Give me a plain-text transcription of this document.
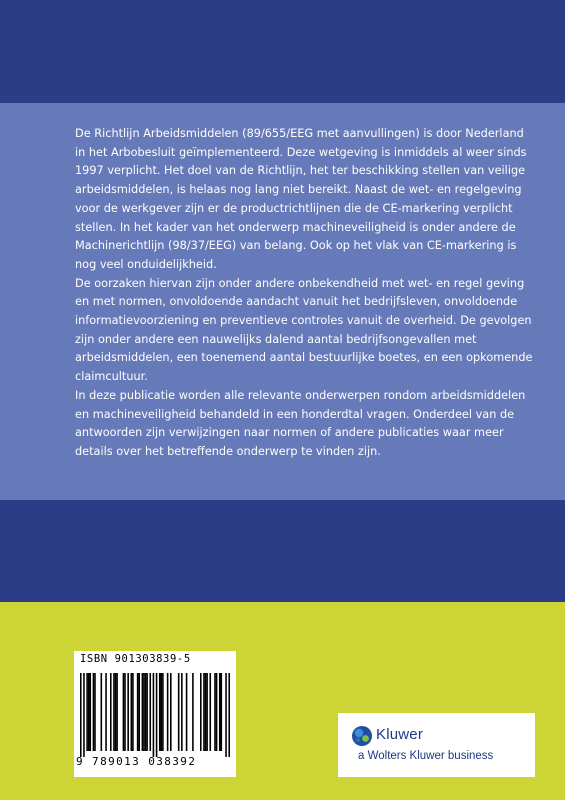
De Richtlijn Arbeidsmiddelen (89/655/EEG met aanvullingen) is door Nederland in het Arbobesluit geïmplementeerd. Deze wetgeving is inmiddels al weer sinds 1997 verplicht. Het doel van de Richtlijn, het ter beschikking stellen van veilige arbeidsmiddelen, is helaas nog lang niet bereikt. Naast de wet- en regelgeving voor de werkgever zijn er de productrichtlijnen die de CE-markering verplicht stellen. In het kader van het onderwerp machineveiligheid is onder andere de Machinerichtlijn (98/37/EEG) van belang. Ook op het vlak van CE-markering is nog veel onduidelijkheid.

De oorzaken hiervan zijn onder andere onbekendheid met wet- en regel geving en met normen, onvoldoende aandacht vanuit het bedrijfsleven, onvoldoende informatievoorziening en preventieve controles vanuit de overheid. De gevolgen zijn onder andere een nauwelijks dalend aantal bedrijfsongevallen met arbeidsmiddelen, een toenemend aantal bestuurlijke boetes, en een opkomende claimcultuur.

In deze publicatie worden alle relevante onderwerpen rondom arbeidsmiddelen en machineveiligheid behandeld in een honderdtal vragen. Onderdeel van de antwoorden zijn verwijzingen naar normen of andere publicaties waar meer details over het betreffende onderwerp te vinden zijn.

ISBN 901303839-5
9 789013 038392
Kluwer
a Wolters Kluwer business
